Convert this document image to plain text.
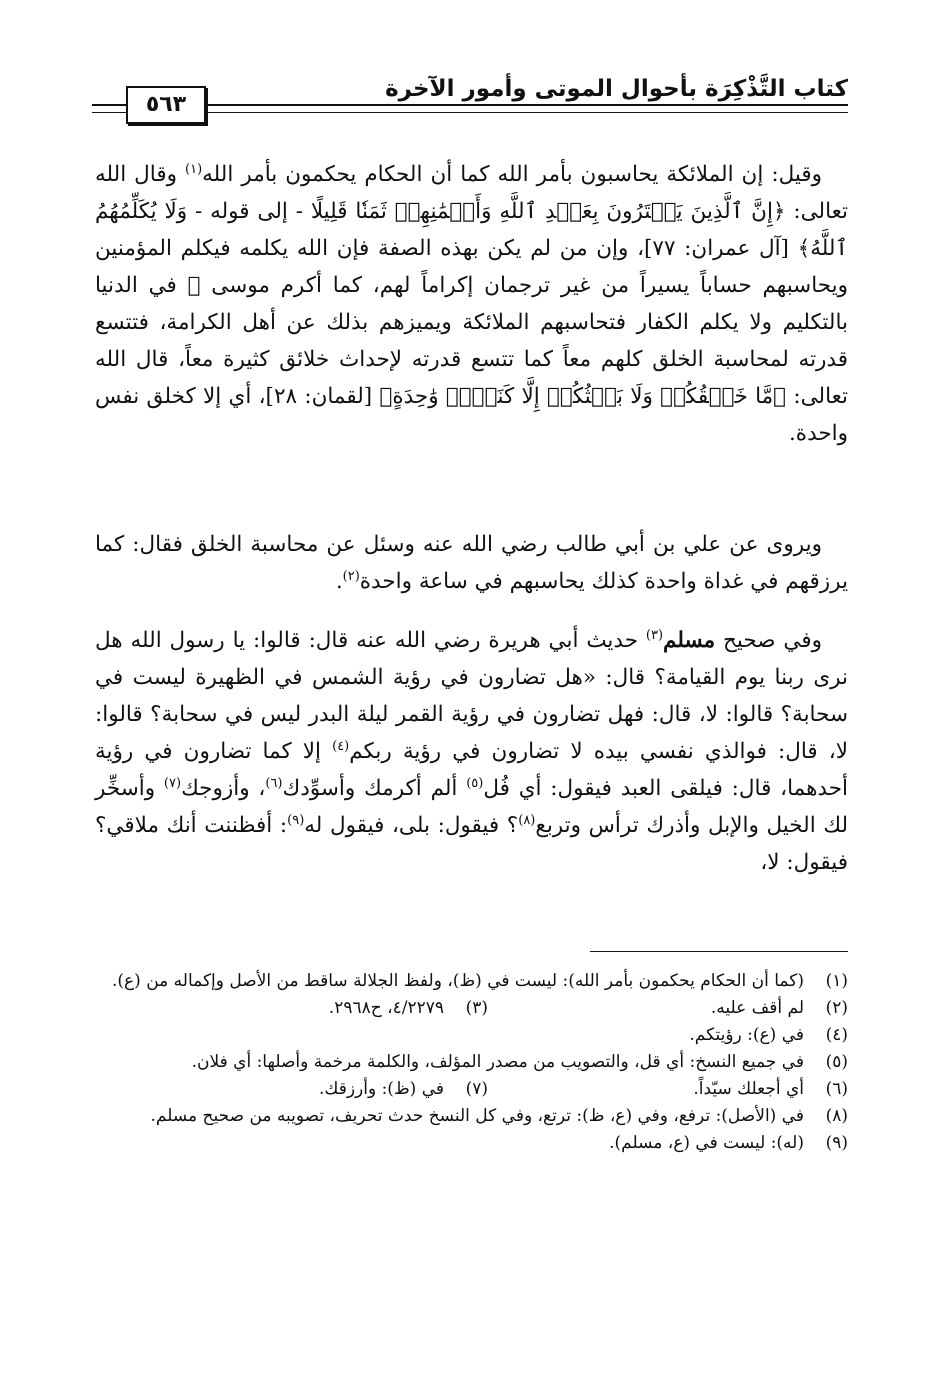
كتاب التَّذْكِرَة بأحوال الموتى وأمور الآخرة
٥٦٣

وقيل: إن الملائكة يحاسبون بأمر الله كما أن الحكام يحكمون بأمر الله$^{(١)}$ وقال الله تعالى: ﴿إِنَّ ٱلَّذِينَ يَشۡتَرُونَ بِعَهۡدِ ٱللَّهِ وَأَيۡمَٰنِهِمۡ ثَمَنٗا قَلِيلًا - إلى قوله - وَلَا يُكَلِّمُهُمُ ٱللَّهُ﴾ [آل عمران: ٧٧]، وإن من لم يكن بهذه الصفة فإن الله يكلمه فيكلم المؤمنين ويحاسبهم حساباً يسيراً من غير ترجمان إكراماً لهم، كما أكرم موسى ﷺ في الدنيا بالتكليم ولا يكلم الكفار فتحاسبهم الملائكة ويميزهم بذلك عن أهل الكرامة، فتتسع قدرته لمحاسبة الخلق كلهم معاً كما تتسع قدرته لإحداث خلائق كثيرة معاً، قال الله تعالى: ﴿مَّا خَلۡقُكُمۡ وَلَا بَعۡثُكُمۡ إِلَّا كَنَفۡسٖ وَٰحِدَةٍ﴾ [لقمان: ٢٨]، أي إلا كخلق نفس واحدة.

ويروى عن علي بن أبي طالب رضي الله عنه وسئل عن محاسبة الخلق فقال: كما يرزقهم في غداة واحدة كذلك يحاسبهم في ساعة واحدة$^{(٢)}$.

وفي صحيح مسلم$^{(٣)}$ حديث أبي هريرة رضي الله عنه قال: قالوا: يا رسول الله هل نرى ربنا يوم القيامة؟ قال: «هل تضارون في رؤية الشمس في الظهيرة ليست في سحابة؟ قالوا: لا، قال: فهل تضارون في رؤية القمر ليلة البدر ليس في سحابة؟ قالوا: لا، قال: فوالذي نفسي بيده لا تضارون في رؤية ربكم$^{(٤)}$ إلا كما تضارون في رؤية أحدهما، قال: فيلقى العبد فيقول: أي فُل$^{(٥)}$ ألم أكرمك وأسوِّدك$^{(٦)}$، وأزوجك$^{(٧)}$ وأسخِّر لك الخيل والإبل وأذرك ترأس وتربع$^{(٨)}$؟ فيقول: بلى، فيقول له$^{(٩)}$: أفظننت أنك ملاقي؟ فيقول: لا،

(١)
(كما أن الحكام يحكمون بأمر الله): ليست في (ظ)، ولفظ الجلالة ساقط من الأصل وإكماله من (ع).
(٢)
لم أقف عليه.
(٣)
٤/٢٢٧٩، ح٢٩٦٨.
(٤)
في (ع): رؤيتكم.
(٥)
في جميع النسخ: أي قل، والتصويب من مصدر المؤلف، والكلمة مرخمة وأصلها: أي فلان.
(٦)
أي أجعلك سيّداً.
(٧)
في (ظ): وأرزقك.
(٨)
في (الأصل): ترفع، وفي (ع، ظ): ترتع، وفي كل النسخ حدث تحريف، تصويبه من صحيح مسلم.
(٩)
(له): ليست في (ع، مسلم).
